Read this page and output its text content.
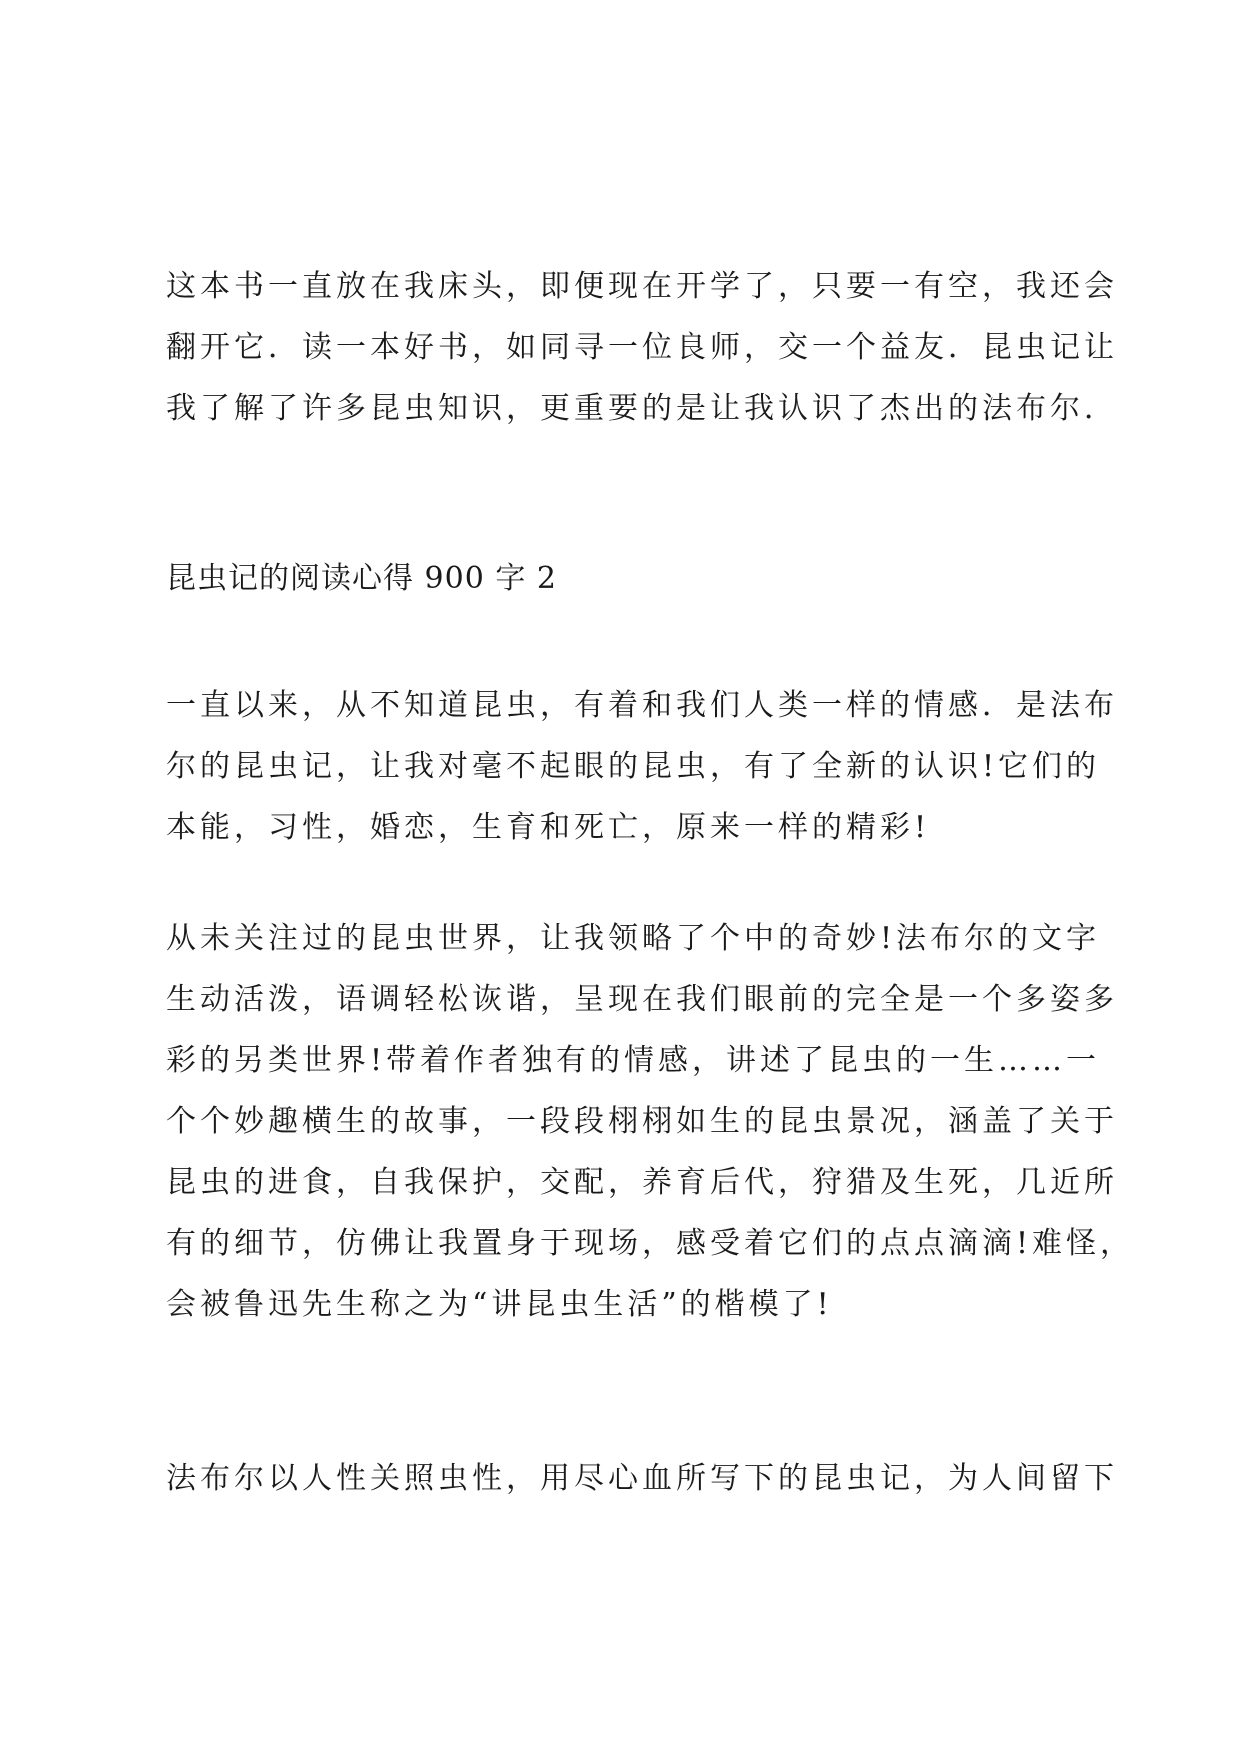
这本书一直放在我床头，即便现在开学了，只要一有空，我还会
翻开它．读一本好书，如同寻一位良师，交一个益友．昆虫记让
我了解了许多昆虫知识，更重要的是让我认识了杰出的法布尔．
昆虫记的阅读心得 900 字 2
一直以来，从不知道昆虫，有着和我们人类一样的情感．是法布
尔的昆虫记，让我对毫不起眼的昆虫，有了全新的认识!它们的
本能，习性，婚恋，生育和死亡，原来一样的精彩!
从未关注过的昆虫世界，让我领略了个中的奇妙!法布尔的文字
生动活泼，语调轻松诙谐，呈现在我们眼前的完全是一个多姿多
彩的另类世界!带着作者独有的情感，讲述了昆虫的一生……一
个个妙趣横生的故事，一段段栩栩如生的昆虫景况，涵盖了关于
昆虫的进食，自我保护，交配，养育后代，狩猎及生死，几近所
有的细节，仿佛让我置身于现场，感受着它们的点点滴滴!难怪，
会被鲁迅先生称之为“讲昆虫生活”的楷模了!
法布尔以人性关照虫性，用尽心血所写下的昆虫记，为人间留下
